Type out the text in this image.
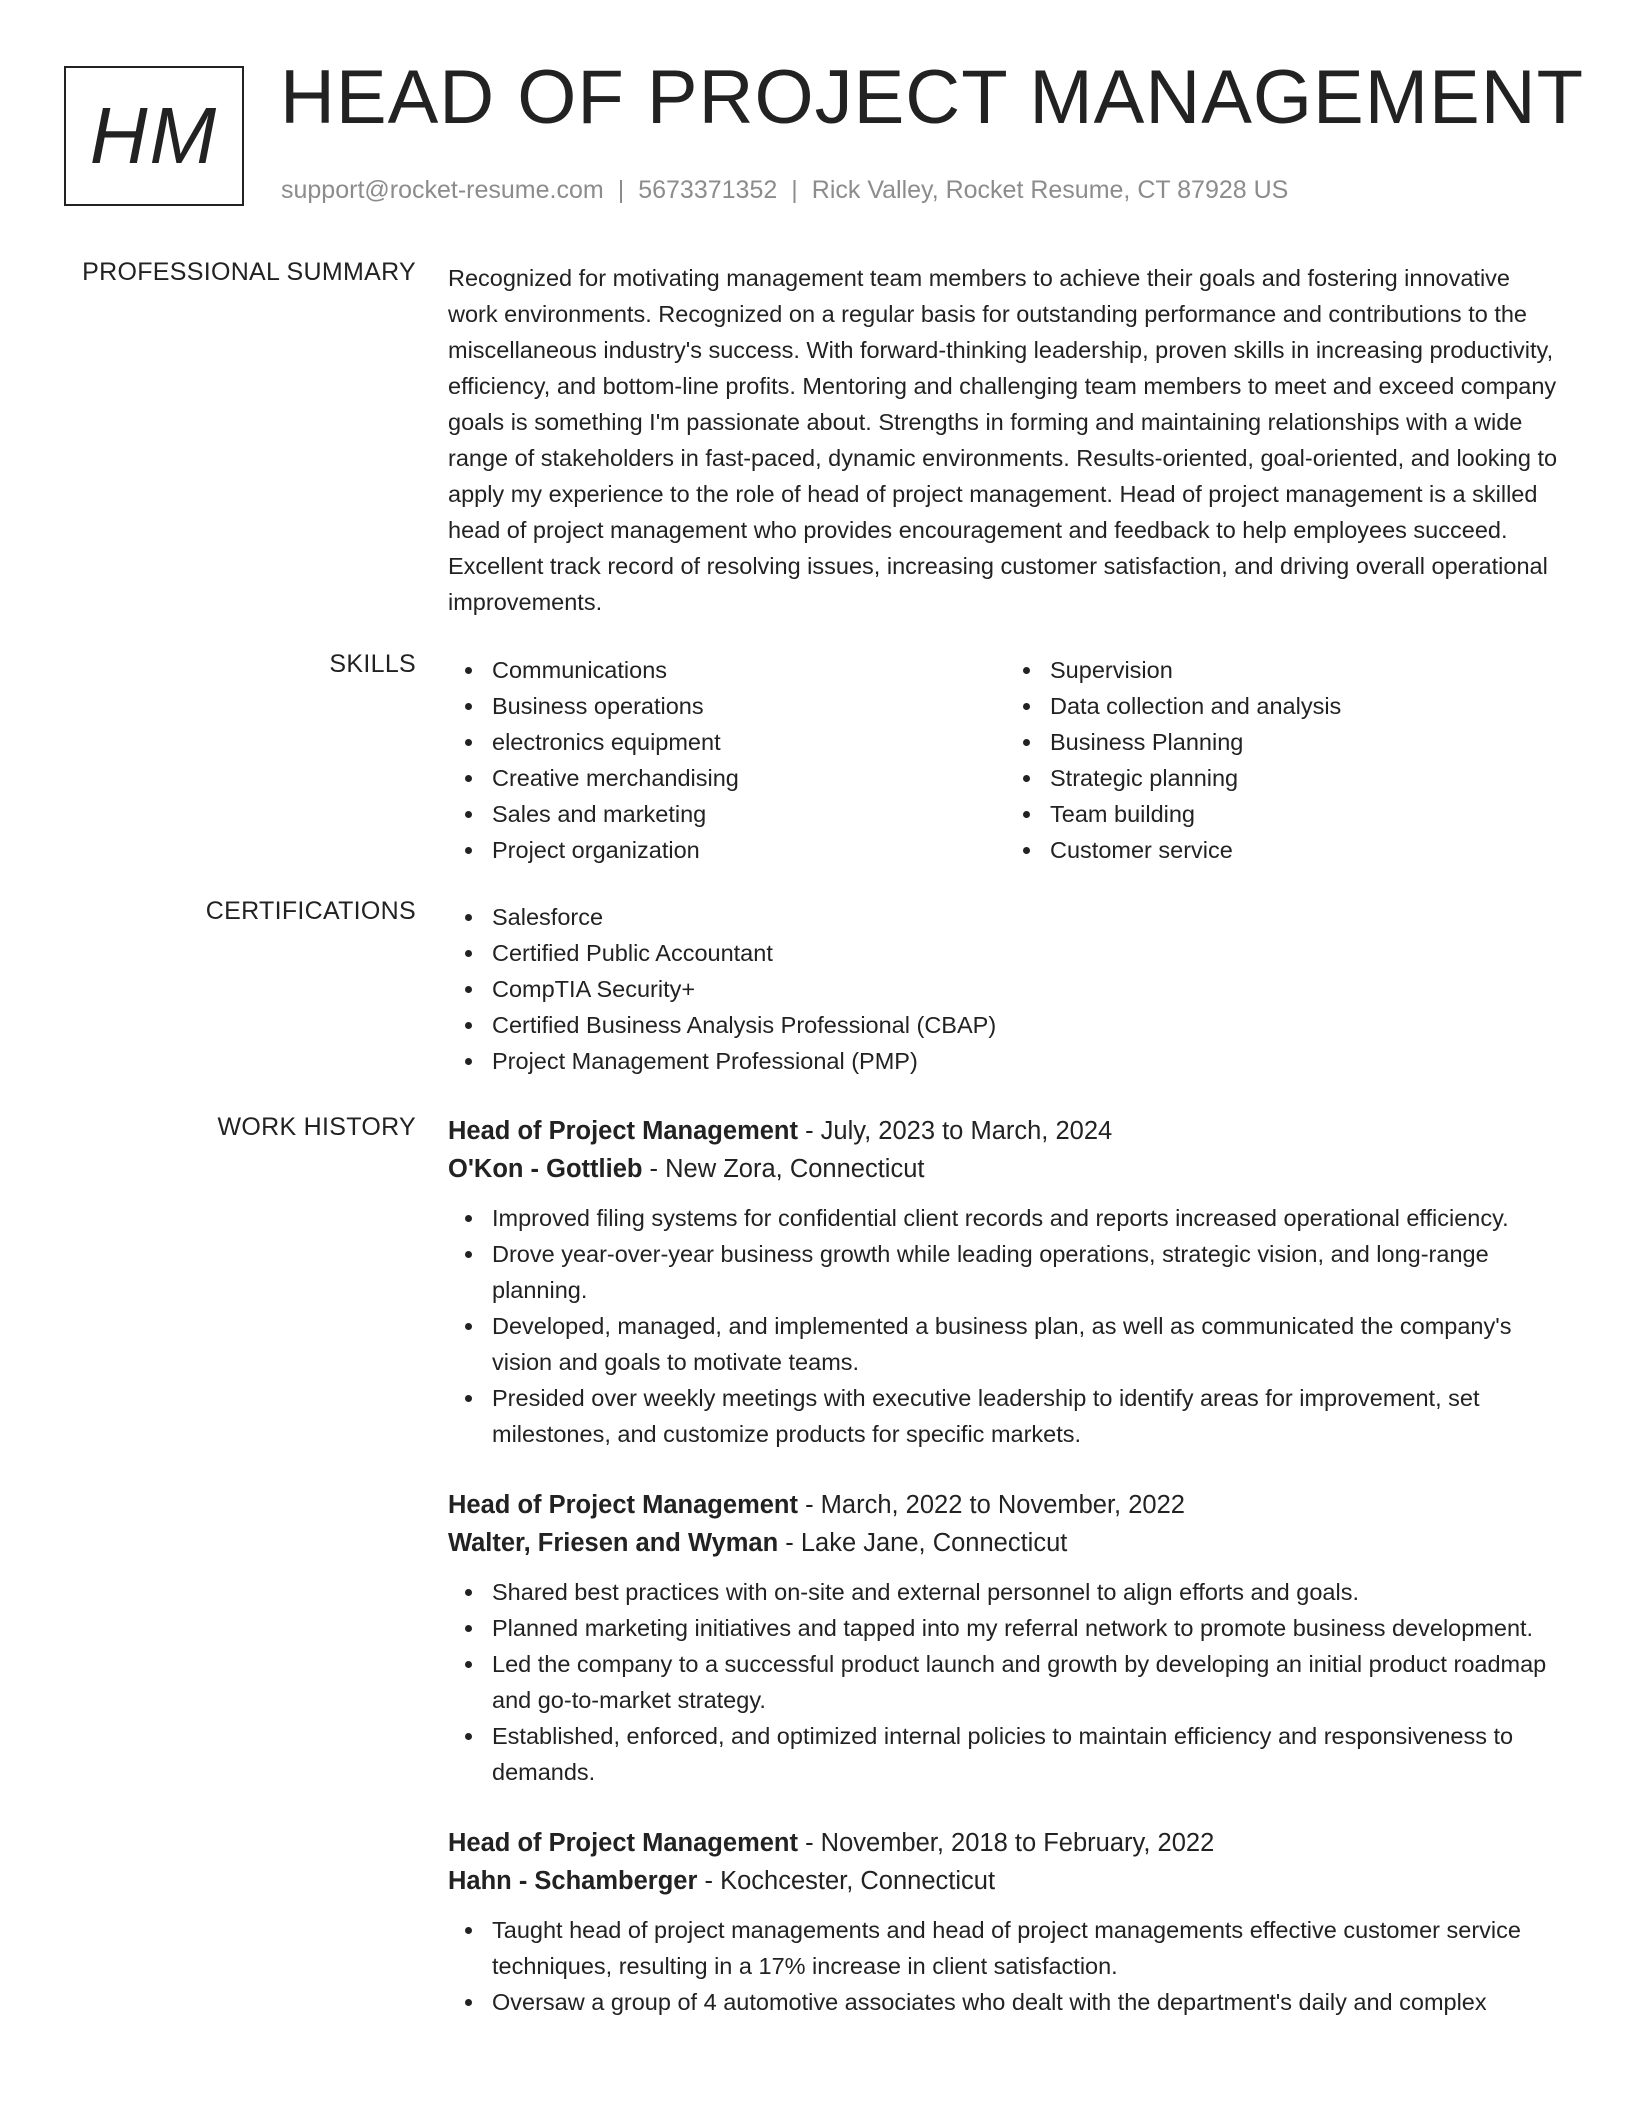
HM HEAD OF PROJECT MANAGEMENT
support@rocket-resume.com | 5673371352 | Rick Valley, Rocket Resume, CT 87928 US
PROFESSIONAL SUMMARY Recognized for motivating management team members to achieve their goals and fostering innovative work environments. Recognized on a regular basis for outstanding performance and contributions to the miscellaneous industry's success. With forward-thinking leadership, proven skills in increasing productivity, efficiency, and bottom-line profits. Mentoring and challenging team members to meet and exceed company goals is something I'm passionate about. Strengths in forming and maintaining relationships with a wide range of stakeholders in fast-paced, dynamic environments. Results-oriented, goal-oriented, and looking to apply my experience to the role of head of project management. Head of project management is a skilled head of project management who provides encouragement and feedback to help employees succeed. Excellent track record of resolving issues, increasing customer satisfaction, and driving overall operational improvements.

SKILLS	Communications
Business operations
electronics equipment
Creative merchandising
Sales and marketing
Project organization
Supervision
Data collection and analysis
Business Planning
Strategic planning
Team building
Customer service
CERTIFICATIONS	Salesforce
Certified Public Accountant
CompTIA Security+
Certified Business Analysis Professional (CBAP)
Project Management Professional (PMP)
WORK HISTORY Head of Project Management - July, 2023 to March, 2024
O'Kon - Gottlieb - New Zora, Connecticut
Improved filing systems for confidential client records and reports increased operational efficiency.
Drove year-over-year business growth while leading operations, strategic vision, and long-range planning.
Developed, managed, and implemented a business plan, as well as communicated the company's vision and goals to motivate teams.
Presided over weekly meetings with executive leadership to identify areas for improvement, set milestones, and customize products for specific markets.
Head of Project Management - March, 2022 to November, 2022
Walter, Friesen and Wyman - Lake Jane, Connecticut
Shared best practices with on-site and external personnel to align efforts and goals.
Planned marketing initiatives and tapped into my referral network to promote business development.
Led the company to a successful product launch and growth by developing an initial product roadmap and go-to-market strategy.
Established, enforced, and optimized internal policies to maintain efficiency and responsiveness to demands.
Head of Project Management - November, 2018 to February, 2022
Hahn - Schamberger - Kochcester, Connecticut
Taught head of project managements and head of project managements effective customer service techniques, resulting in a 17% increase in client satisfaction.
Oversaw a group of 4 automotive associates who dealt with the department's daily and complex
